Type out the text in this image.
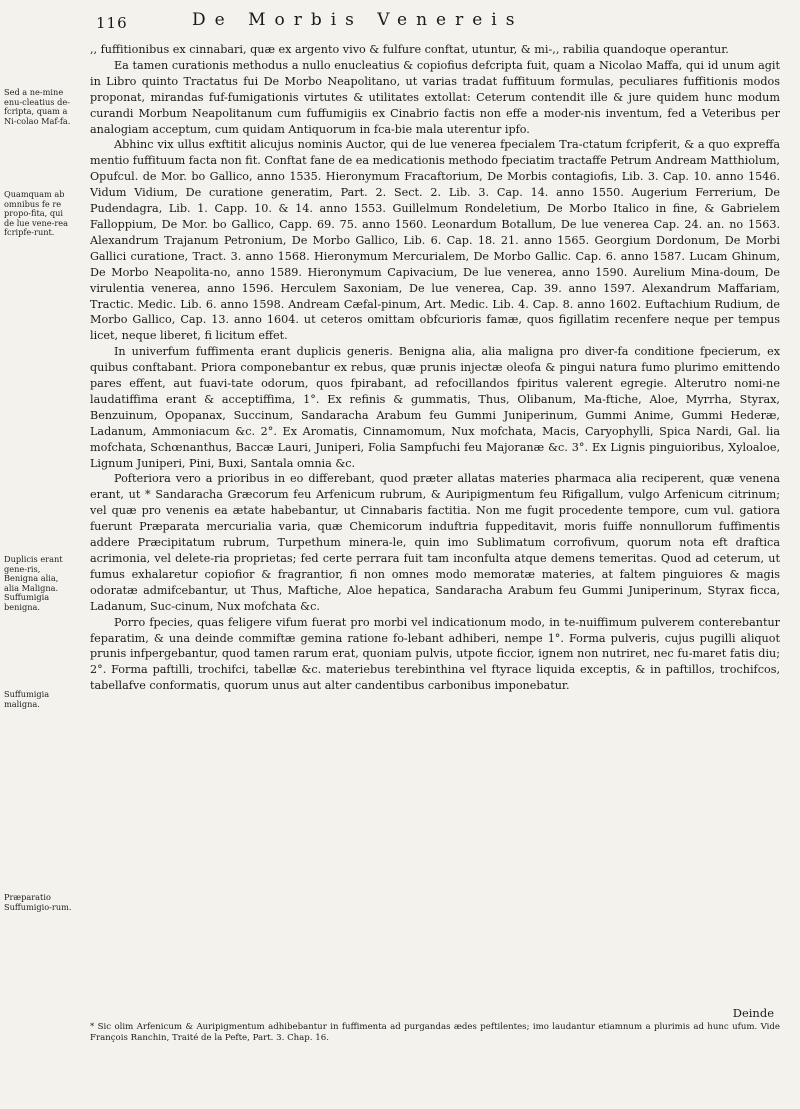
116	De Morbis Venereis
Sed a ne-mine enu-cleatius de-fcripta, quam a Ni-colao Maf-fa.
Quamquam ab omnibus fe re propo-fita, qui de lue vene-rea fcripfe-runt.
Duplicis erant gene-ris, Benigna alia, alia Maligna. Suffumigia benigna.
Suffumigia maligna.
Præparatio Suffumigio-rum.

,, fuffitionibus ex cinnabari, quæ ex argento vivo & fulfure conftat, utuntur, & mi-,, rabilia quandoque operantur.

Ea tamen curationis methodus a nullo enucleatius & copiofius defcripta fuit, quam a Nicolao Maffa, qui id unum agit in Libro quinto Tractatus fui De Morbo Neapolitano, ut varias tradat fuffituum formulas, peculiares fuffitionis modos proponat, mirandas fuf-fumigationis virtutes & utilitates extollat: Ceterum contendit ille & jure quidem hunc modum curandi Morbum Neapolitanum cum fuffumigiis ex Cinabrio factis non effe a moder-nis inventum, fed a Veteribus per analogiam acceptum, cum quidam Antiquorum in fca-bie mala uterentur ipfo.

Abhinc vix ullus exftitit alicujus nominis Auctor, qui de lue venerea fpecialem Tra-ctatum fcripferit, & a quo expreffa mentio fuffituum facta non fit. Conftat fane de ea medicationis methodo fpeciatim tractaffe Petrum Andream Matthiolum, Opufcul. de Mor. bo Gallico, anno 1535. Hieronymum Fracaftorium, De Morbis contagiofis, Lib. 3. Cap. 10. anno 1546. Vidum Vidium, De curatione generatim, Part. 2. Sect. 2. Lib. 3. Cap. 14. anno 1550. Augerium Ferrerium, De Pudendagra, Lib. 1. Capp. 10. & 14. anno 1553. Guillelmum Rondeletium, De Morbo Italico in fine, & Gabrielem Falloppium, De Mor. bo Gallico, Capp. 69. 75. anno 1560. Leonardum Botallum, De lue venerea Cap. 24. an. no 1563. Alexandrum Trajanum Petronium, De Morbo Gallico, Lib. 6. Cap. 18. 21. anno 1565. Georgium Dordonum, De Morbi Gallici curatione, Tract. 3. anno 1568. Hieronymum Mercurialem, De Morbo Gallic. Cap. 6. anno 1587. Lucam Ghinum, De Morbo Neapolita-no, anno 1589. Hieronymum Capivacium, De lue venerea, anno 1590. Aurelium Mina-doum, De virulentia venerea, anno 1596. Herculem Saxoniam, De lue venerea, Cap. 39. anno 1597. Alexandrum Maffariam, Tractic. Medic. Lib. 6. anno 1598. Andream Cæfal-pinum, Art. Medic. Lib. 4. Cap. 8. anno 1602. Euftachium Rudium, de Morbo Gallico, Cap. 13. anno 1604. ut ceteros omittam obfcurioris famæ, quos figillatim recenfere neque per tempus licet, neque liberet, fi licitum effet.

In univerfum fuffimenta erant duplicis generis. Benigna alia, alia maligna pro diver-fa conditione fpecierum, ex quibus conftabant. Priora componebantur ex rebus, quæ prunis injectæ oleofa & pingui natura fumo plurimo emittendo pares effent, aut fuavi-tate odorum, quos fpirabant, ad refocillandos fpiritus valerent egregie. Alterutro nomi-ne laudatiffima erant & acceptiffima, 1°. Ex refinis & gummatis, Thus, Olibanum, Ma-ftiche, Aloe, Myrrha, Styrax, Benzuinum, Opopanax, Succinum, Sandaracha Arabum feu Gummi Juniperinum, Gummi Anime, Gummi Hederæ, Ladanum, Ammoniacum &c. 2°. Ex Aromatis, Cinnamomum, Nux mofchata, Macis, Caryophylli, Spica Nardi, Gal. lia mofchata, Schœnanthus, Baccæ Lauri, Juniperi, Folia Sampfuchi feu Majoranæ &c. 3°. Ex Lignis pinguioribus, Xyloaloe, Lignum Juniperi, Pini, Buxi, Santala omnia &c.

Pofteriora vero a prioribus in eo differebant, quod præter allatas materies pharmaca alia reciperent, quæ venena erant, ut * Sandaracha Græcorum feu Arfenicum rubrum, & Auripigmentum feu Rifigallum, vulgo Arfenicum citrinum; vel quæ pro venenis ea ætate habebantur, ut Cinnabaris factitia. Non me fugit procedente tempore, cum vul. gatiora fuerunt Præparata mercurialia varia, quæ Chemicorum induftria fuppeditavit, moris fuiffe nonnullorum fuffimentis addere Præcipitatum rubrum, Turpethum minera-le, quin imo Sublimatum corrofivum, quorum nota eft draftica acrimonia, vel delete-ria proprietas; fed certe perrara fuit tam inconfulta atque demens temeritas. Quod ad ceterum, ut fumus exhalaretur copiofior & fragrantior, fi non omnes modo memoratæ materies, at faltem pinguiores & magis odoratæ admifcebantur, ut Thus, Maftiche, Aloe hepatica, Sandaracha Arabum feu Gummi Juniperinum, Styrax ficca, Ladanum, Suc-cinum, Nux mofchata &c.

Porro fpecies, quas feligere vifum fuerat pro morbi vel indicationum modo, in te-nuiffimum pulverem conterebantur feparatim, & una deinde commiftæ gemina ratione fo-lebant adhiberi, nempe 1°. Forma pulveris, cujus pugilli aliquot prunis infpergebantur, quod tamen rarum erat, quoniam pulvis, utpote ficcior, ignem non nutriret, nec fu-maret fatis diu; 2°. Forma paftilli, trochifci, tabellæ &c. materiebus terebinthina vel ftyrace liquida exceptis, & in paftillos, trochifcos, tabellafve conformatis, quorum unus aut alter candentibus carbonibus imponebatur.

Deinde
* Sic olim Arfenicum & Auripigmentum adhibebantur in fuffimenta ad purgandas ædes peftilentes; imo laudantur etiamnum a plurimis ad hunc ufum. Vide François Ranchin, Traité de la Pefte, Part. 3. Chap. 16.
